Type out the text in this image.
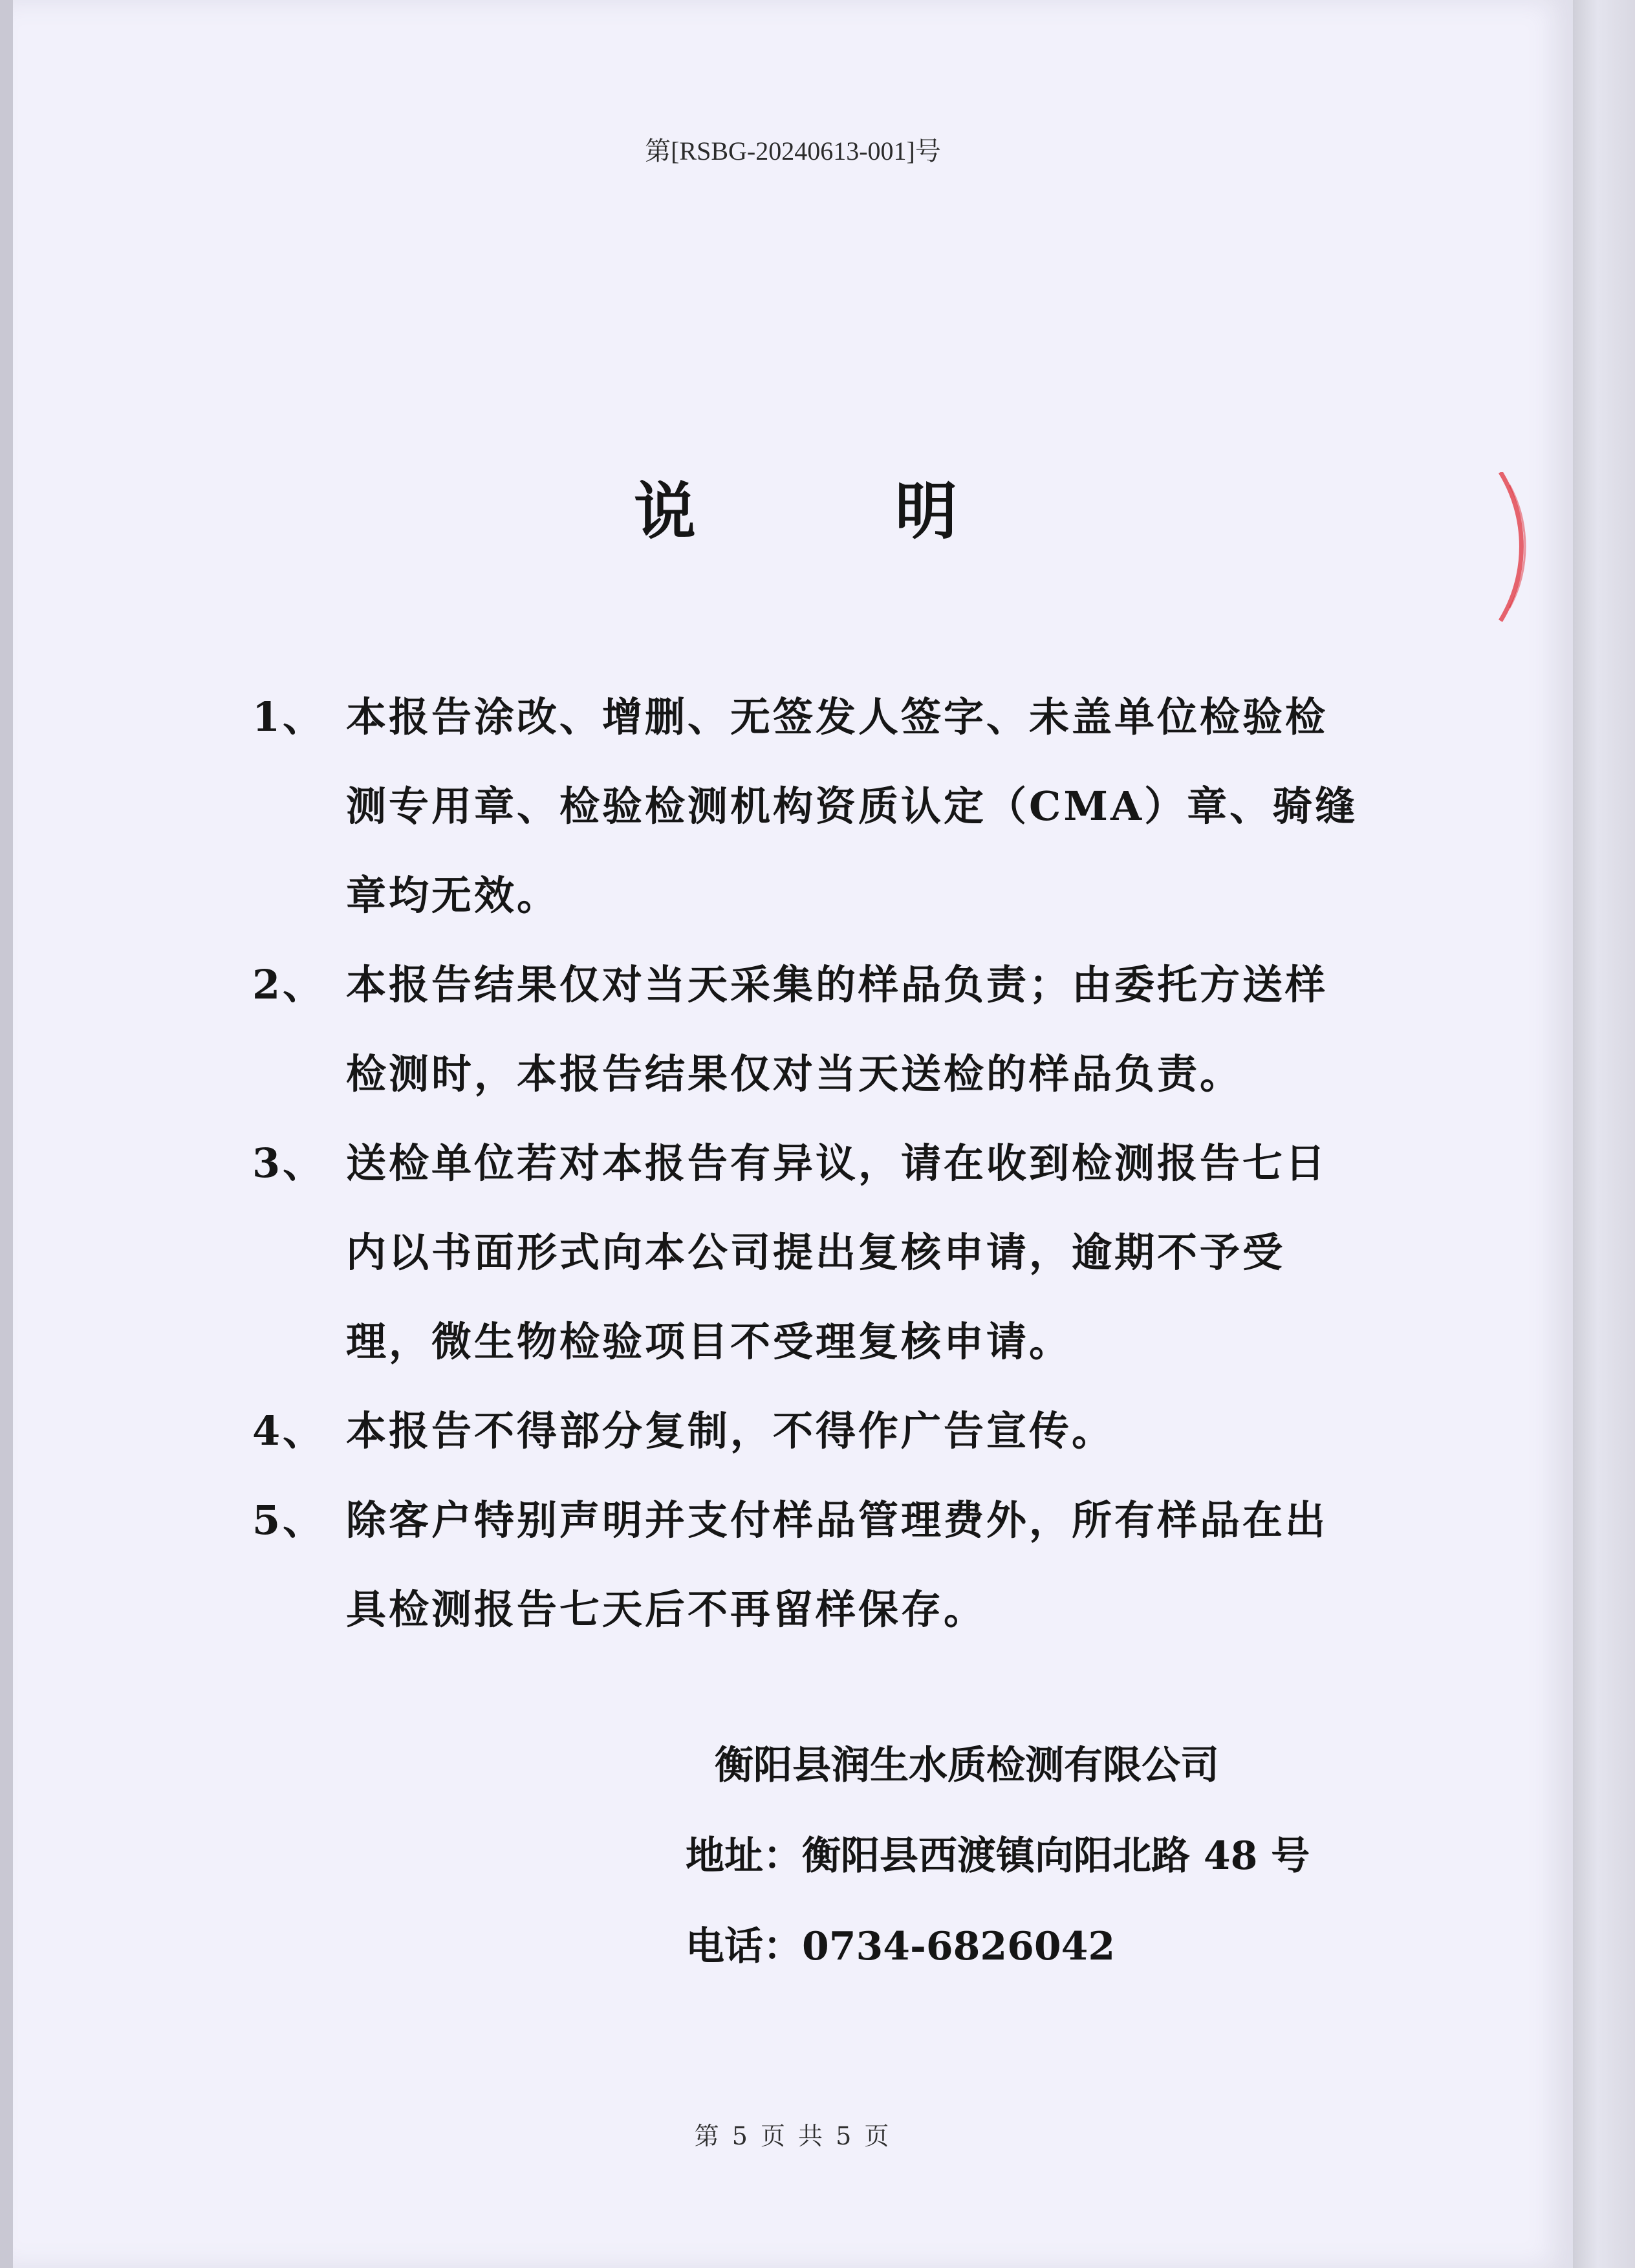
第[RSBG-20240613-001]号
说	明
1、 本报告涂改、增删、无签发人签字、未盖单位检验检测专用章、检验检测机构资质认定（CMA）章、骑缝章均无效。
2、 本报告结果仅对当天采集的样品负责；由委托方送样检测时，本报告结果仅对当天送检的样品负责。
3、 送检单位若对本报告有异议，请在收到检测报告七日内以书面形式向本公司提出复核申请，逾期不予受理，微生物检验项目不受理复核申请。
4、 本报告不得部分复制，不得作广告宣传。
5、 除客户特别声明并支付样品管理费外，所有样品在出具检测报告七天后不再留样保存。
衡阳县润生水质检测有限公司
地址：衡阳县西渡镇向阳北路 48 号
电话：0734-6826042
第 5 页 共 5 页
